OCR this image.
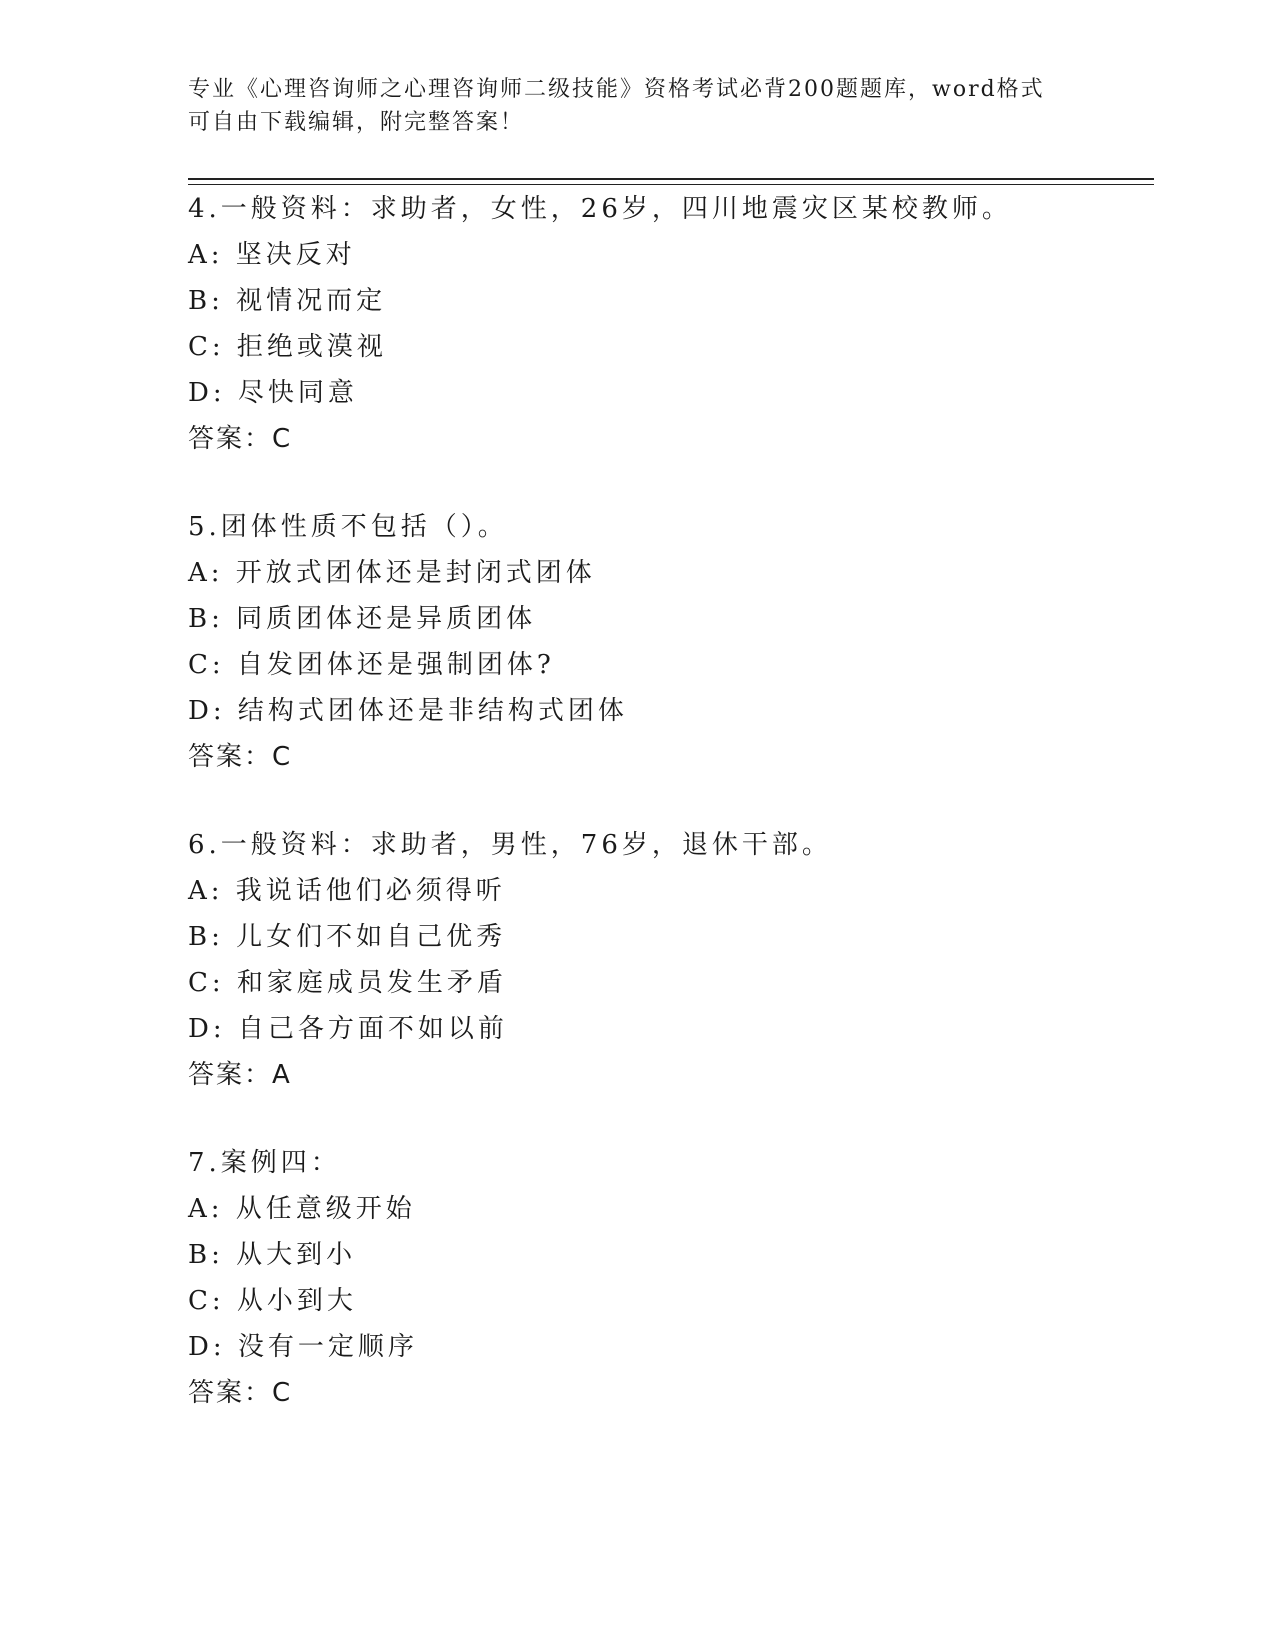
专业《心理咨询师之心理咨询师二级技能》资格考试必背200题题库，word格式
可自由下载编辑，附完整答案！
4.一般资料：求助者，女性，26岁，四川地震灾区某校教师。
A: 坚决反对
B: 视情况而定
C: 拒绝或漠视
D: 尽快同意
答案：C
5.团体性质不包括（）。
A: 开放式团体还是封闭式团体
B: 同质团体还是异质团体
C: 自发团体还是强制团体?
D: 结构式团体还是非结构式团体
答案：C
6.一般资料：求助者，男性，76岁，退休干部。
A: 我说话他们必须得听
B: 儿女们不如自己优秀
C: 和家庭成员发生矛盾
D: 自己各方面不如以前
答案：A
7.案例四：
A: 从任意级开始
B: 从大到小
C: 从小到大
D: 没有一定顺序
答案：C
